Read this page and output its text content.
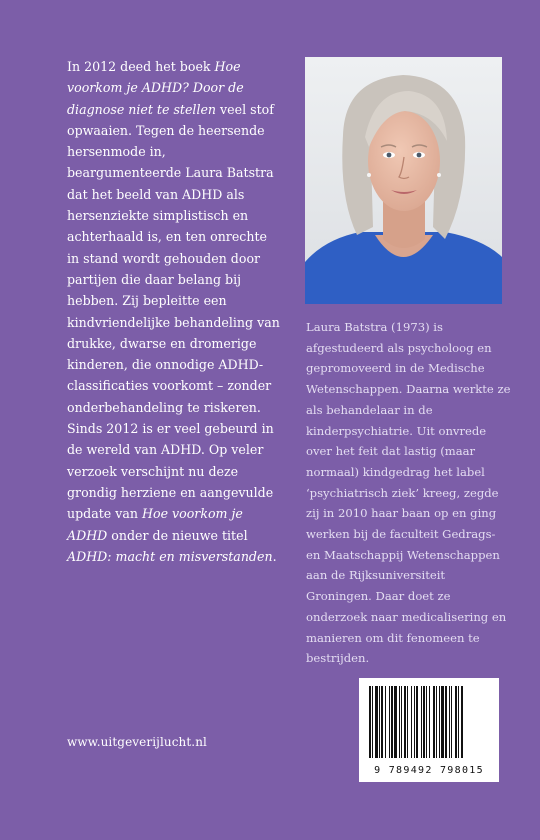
In 2012 deed het boek Hoe voorkom je ADHD? Door de diagnose niet te stellen veel stof opwaaien. Tegen de heersende hersenmode in, beargumenteerde Laura Batstra dat het beeld van ADHD als hersenziekte simplistisch en achterhaald is, en ten onrechte in stand wordt gehouden door partijen die daar belang bij hebben. Zij bepleitte een kindvriendelijke behandeling van drukke, dwarse en dromerige kinderen, die onnodige ADHD-classificaties voorkomt – zonder onderbehandeling te riskeren. Sinds 2012 is er veel gebeurd in de wereld van ADHD. Op veler verzoek verschijnt nu deze grondig herziene en aangevulde update van Hoe voorkom je ADHD onder de nieuwe titel ADHD: macht en misverstanden.

Laura Batstra (1973) is afgestudeerd als psycholoog en gepromoveerd in de Medische Wetenschappen. Daarna werkte ze als behandelaar in de kinderpsychiatrie. Uit onvrede over het feit dat lastig (maar normaal) kindgedrag het label ‘psychiatrisch ziek’ kreeg, zegde zij in 2010 haar baan op en ging werken bij de faculteit Gedrags- en Maatschappij Wetenschappen aan de Rijksuniversiteit Groningen. Daar doet ze onderzoek naar medicalisering en manieren om dit fenomeen te bestrijden.

www.uitgeverijlucht.nl
9 789492 798015
